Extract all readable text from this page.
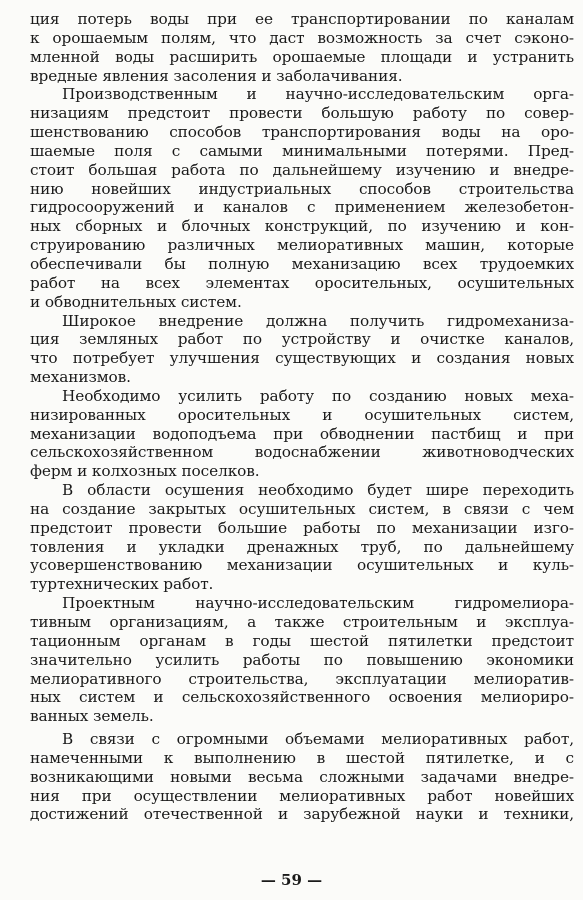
ция потерь воды при ее транспортировании по каналам
к орошаемым полям, что даст возможность за счет сэконо-
мленной воды расширить орошаемые площади и устранить
вредные явления засоления и заболачивания.
Производственным и научно-исследовательским орга-
низациям предстоит провести большую работу по совер-
шенствованию способов транспортирования воды на оро-
шаемые поля с самыми минимальными потерями. Пред-
стоит большая работа по дальнейшему изучению и внедре-
нию новейших индустриальных способов строительства
гидросооружений и каналов с применением железобетон-
ных сборных и блочных конструкций, по изучению и кон-
струированию различных мелиоративных машин, которые
обеспечивали бы полную механизацию всех трудоемких
работ на всех элементах оросительных, осушительных
и обводнительных систем.
Широкое внедрение должна получить гидромеханиза-
ция земляных работ по устройству и очистке каналов,
что потребует улучшения существующих и создания новых
механизмов.
Необходимо усилить работу по созданию новых меха-
низированных оросительных и осушительных систем,
механизации водоподъема при обводнении пастбищ и при
сельскохозяйственном водоснабжении животноводческих
ферм и колхозных поселков.
В области осушения необходимо будет шире переходить
на создание закрытых осушительных систем, в связи с чем
предстоит провести большие работы по механизации изго-
товления и укладки дренажных труб, по дальнейшему
усовершенствованию механизации осушительных и куль-
туртехнических работ.
Проектным научно-исследовательским гидромелиора-
тивным организациям, а также строительным и эксплуа-
тационным органам в годы шестой пятилетки предстоит
значительно усилить работы по повышению экономики
мелиоративного строительства, эксплуатации мелиоратив-
ных систем и сельскохозяйственного освоения мелиориро-
ванных земель.
В связи с огромными объемами мелиоративных работ,
намеченными к выполнению в шестой пятилетке, и с
возникающими новыми весьма сложными задачами внедре-
ния при осуществлении мелиоративных работ новейших
достижений отечественной и зарубежной науки и техники,
— 59 —
